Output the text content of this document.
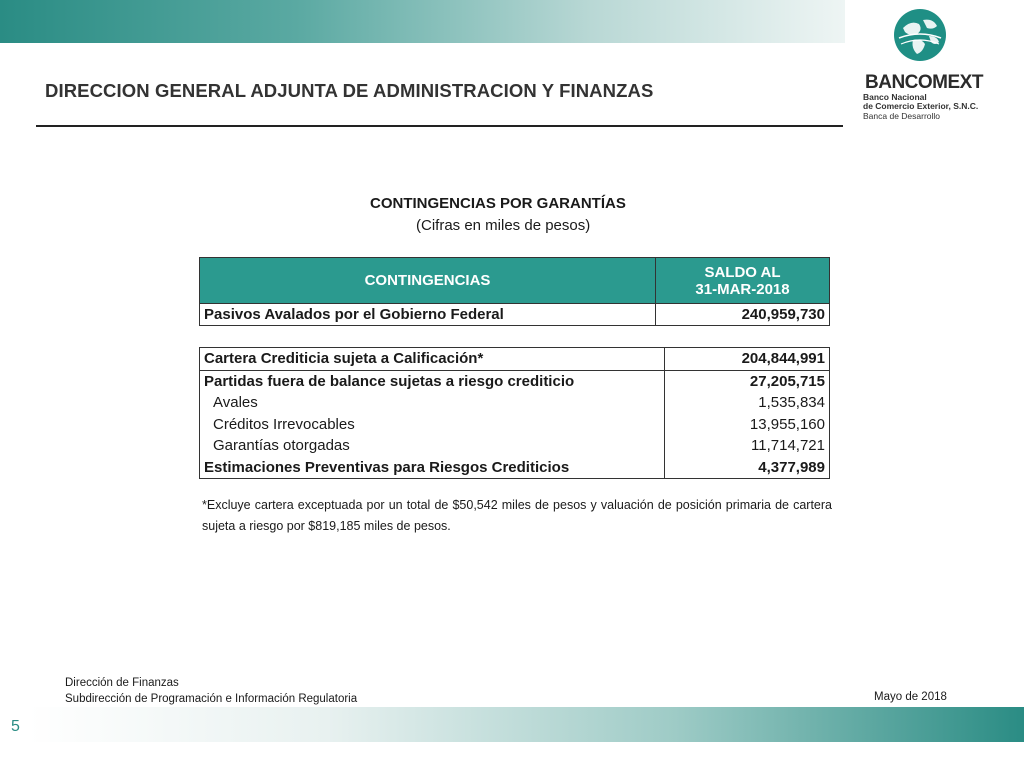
DIRECCION GENERAL ADJUNTA DE ADMINISTRACION Y FINANZAS	BANCOMEXT
Banco Nacional
de Comercio Exterior, S.N.C.
Banca de Desarrollo
CONTINGENCIAS POR GARANTÍAS
(Cifras en miles de pesos)
CONTINGENCIAS	SALDO AL
31-MAR-2018

Pasivos Avalados por el Gobierno Federal	240,959,730
Cartera Crediticia sujeta a Calificación*	204,844,991
Partidas fuera de balance sujetas a riesgo crediticio	27,205,715
Avales	1,535,834
Créditos Irrevocables	13,955,160
Garantías otorgadas	11,714,721
Estimaciones Preventivas para Riesgos Crediticios	4,377,989
*Excluye cartera exceptuada por un total de $50,542 miles de pesos y valuación de posición primaria de cartera sujeta a riesgo por $819,185 miles de pesos.
Dirección de Finanzas
Subdirección de Programación e Información Regulatoria	Mayo de 2018
5
